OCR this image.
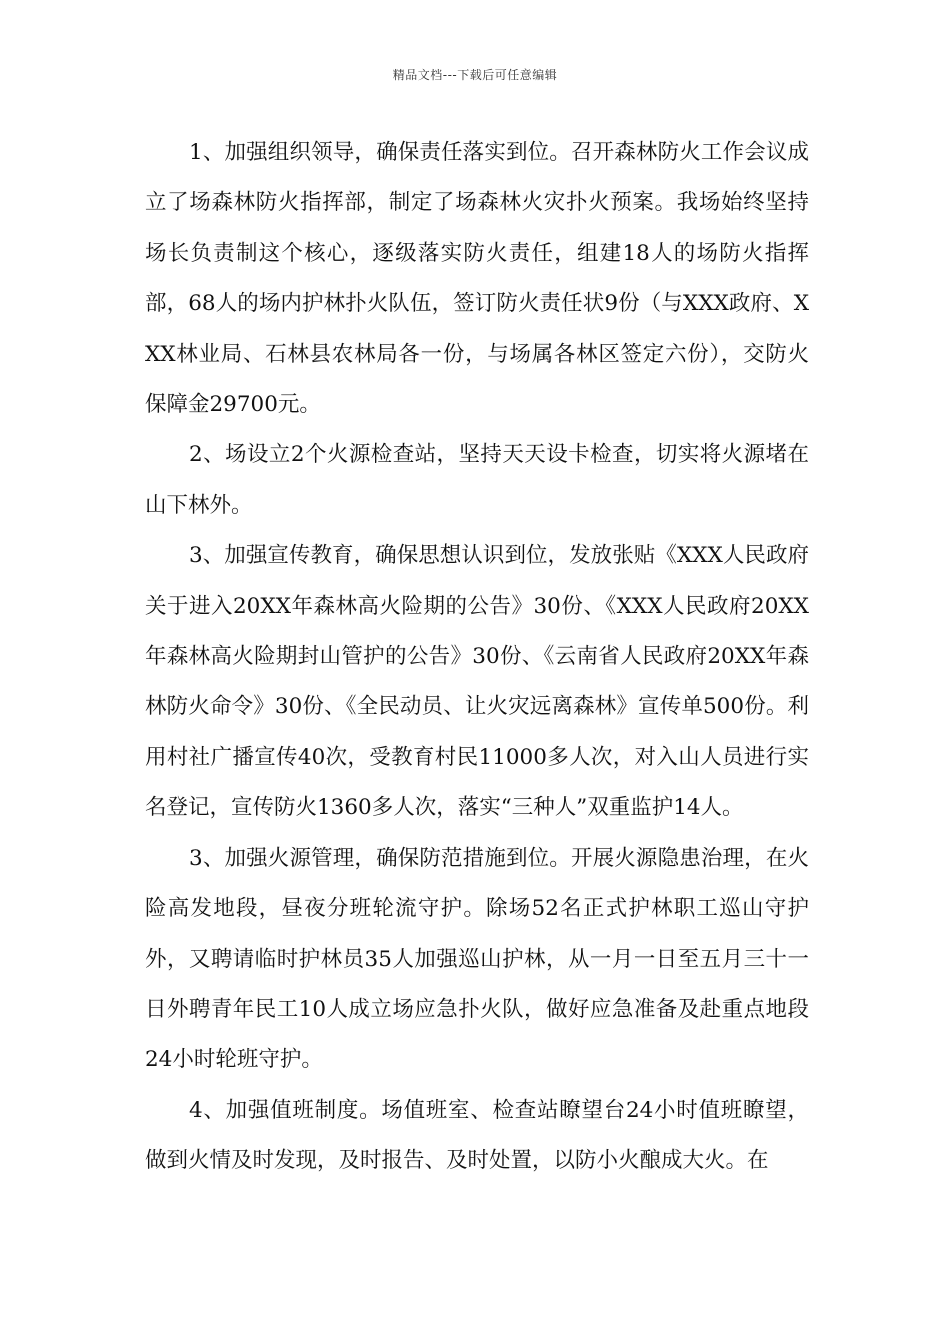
精品文档---下载后可任意编辑

1、加强组织领导，确保责任落实到位。召开森林防火工作会议成立了场森林防火指挥部，制定了场森林火灾扑火预案。我场始终坚持场长负责制这个核心，逐级落实防火责任，组建18人的场防火指挥部，68人的场内护林扑火队伍，签订防火责任状9份（与XXX政府、XXX林业局、石林县农林局各一份，与场属各林区签定六份），交防火保障金29700元。

2、场设立2个火源检查站，坚持天天设卡检查，切实将火源堵在山下林外。

3、加强宣传教育，确保思想认识到位，发放张贴《XXX人民政府关于进入20XX年森林高火险期的公告》30份、《XXX人民政府20XX年森林高火险期封山管护的公告》30份、《云南省人民政府20XX年森林防火命令》30份、《全民动员、让火灾远离森林》宣传单500份。利用村社广播宣传40次，受教育村民11000多人次，对入山人员进行实名登记，宣传防火1360多人次，落实“三种人”双重监护14人。

3、加强火源管理，确保防范措施到位。开展火源隐患治理，在火险高发地段，昼夜分班轮流守护。除场52名正式护林职工巡山守护外，又聘请临时护林员35人加强巡山护林，从一月一日至五月三十一日外聘青年民工10人成立场应急扑火队，做好应急准备及赴重点地段24小时轮班守护。

4、加强值班制度。场值班室、检查站瞭望台24小时值班瞭望，做到火情及时发现，及时报告、及时处置，以防小火酿成大火。在
